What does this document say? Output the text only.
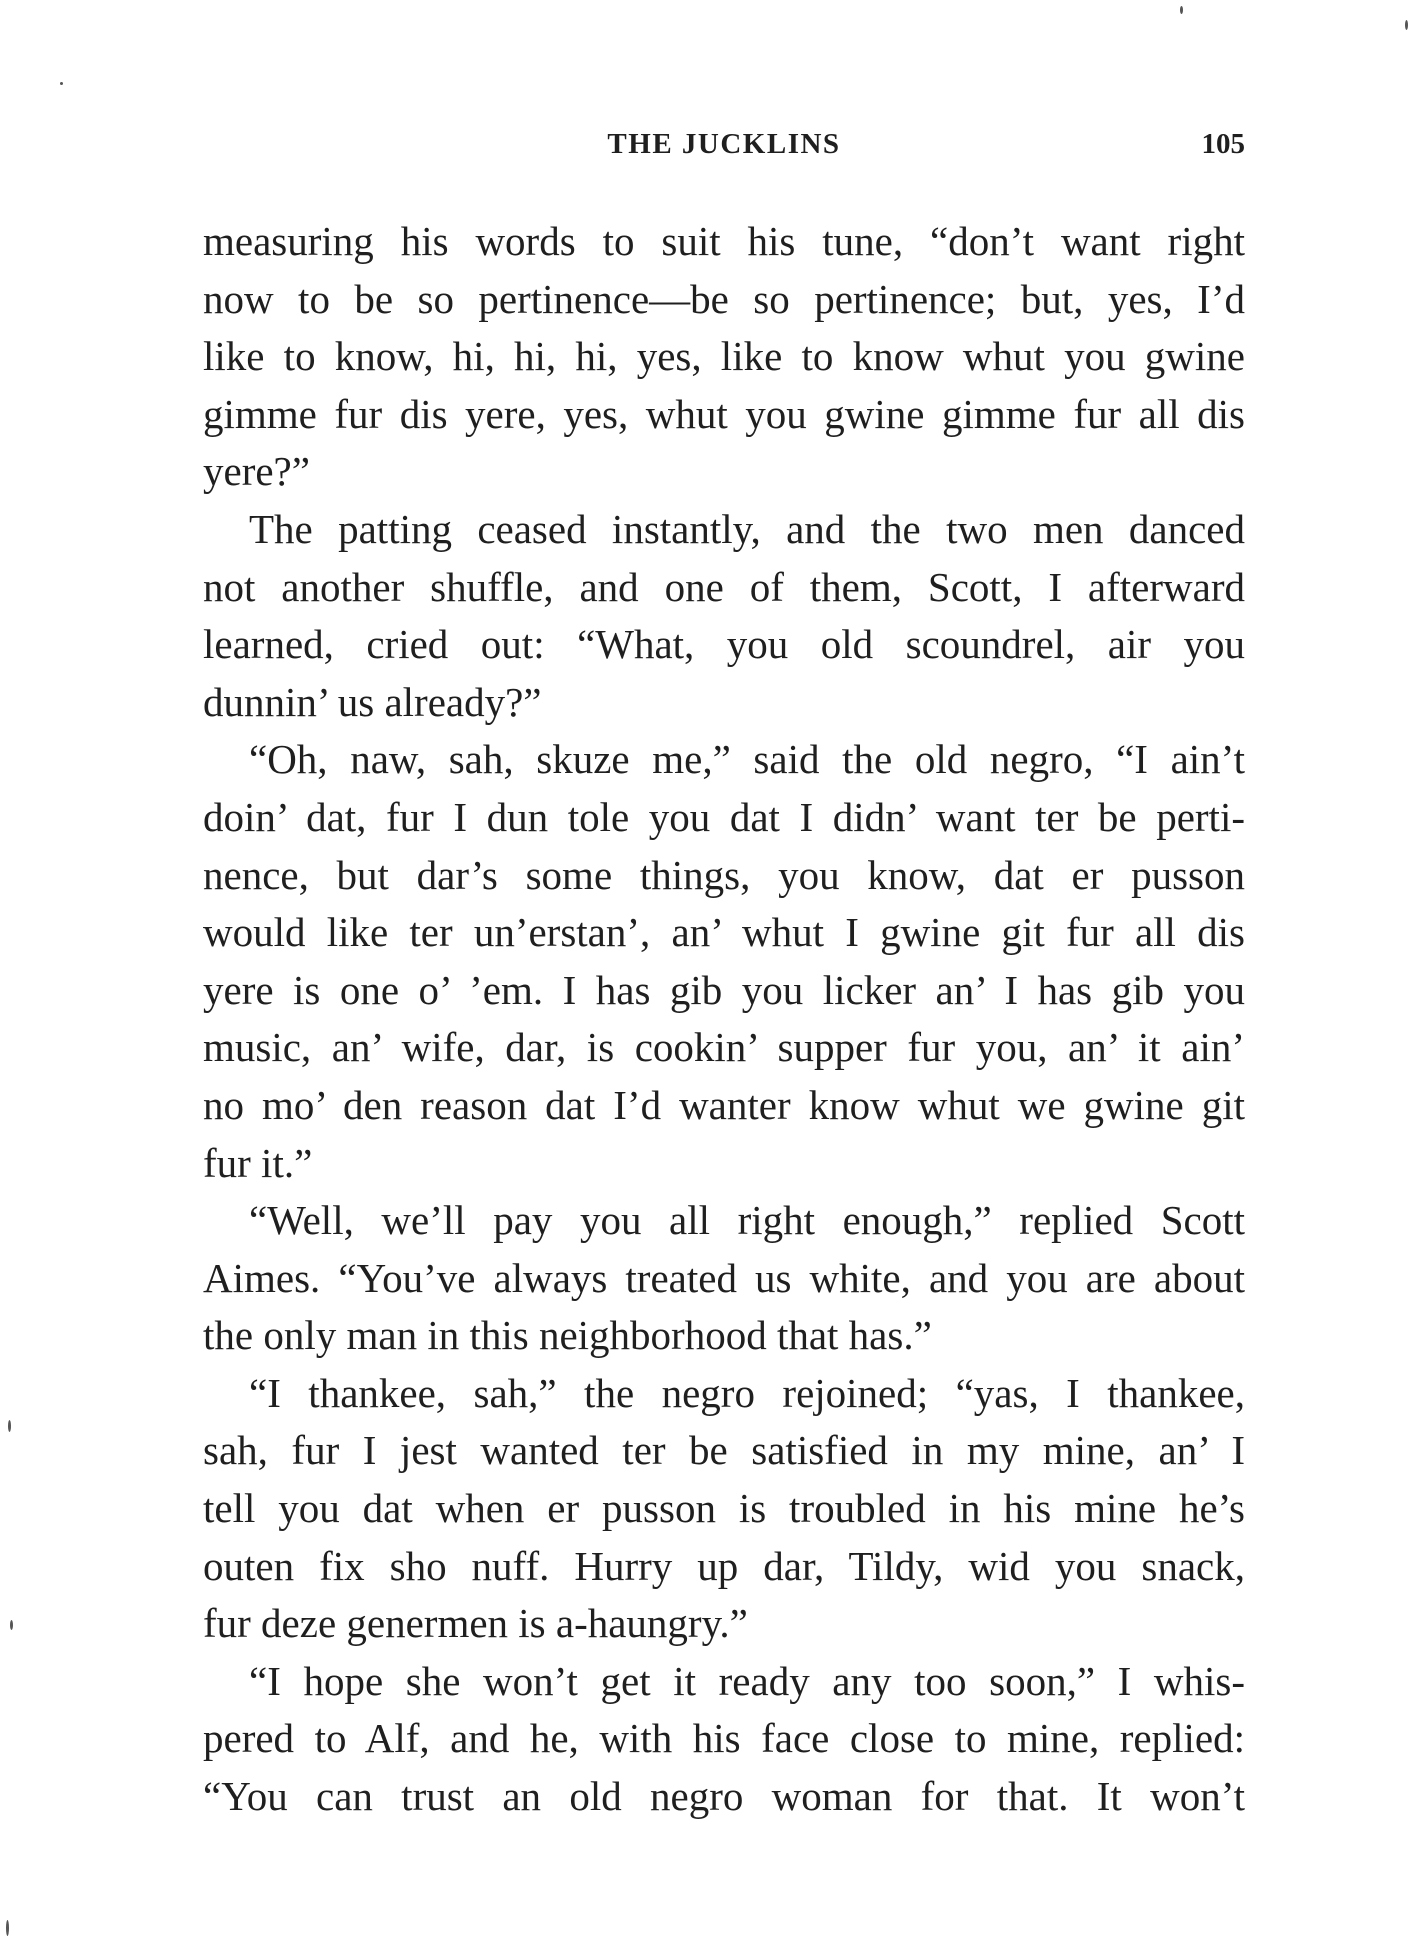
THE JUCKLINS	105
measuring his words to suit his tune, “don’t want right
now to be so pertinence—be so pertinence; but, yes, I’d
like to know, hi, hi, hi, yes, like to know whut you gwine
gimme fur dis yere, yes, whut you gwine gimme fur all dis
yere?”
The patting ceased instantly, and the two men danced
not another shuffle, and one of them, Scott, I afterward
learned, cried out: “What, you old scoundrel, air you
dunnin’ us already?”
“Oh, naw, sah, skuze me,” said the old negro, “I ain’t
doin’ dat, fur I dun tole you dat I didn’ want ter be perti-
nence, but dar’s some things, you know, dat er pusson
would like ter un’erstan’, an’ whut I gwine git fur all dis
yere is one o’ ’em. I has gib you licker an’ I has gib you
music, an’ wife, dar, is cookin’ supper fur you, an’ it ain’
no mo’ den reason dat I’d wanter know whut we gwine git
fur it.”
“Well, we’ll pay you all right enough,” replied Scott
Aimes. “You’ve always treated us white, and you are about
the only man in this neighborhood that has.”
“I thankee, sah,” the negro rejoined; “yas, I thankee,
sah, fur I jest wanted ter be satisfied in my mine, an’ I
tell you dat when er pusson is troubled in his mine he’s
outen fix sho nuff. Hurry up dar, Tildy, wid you snack,
fur deze genermen is a-haungry.”
“I hope she won’t get it ready any too soon,” I whis-
pered to Alf, and he, with his face close to mine, replied:
“You can trust an old negro woman for that. It won’t
